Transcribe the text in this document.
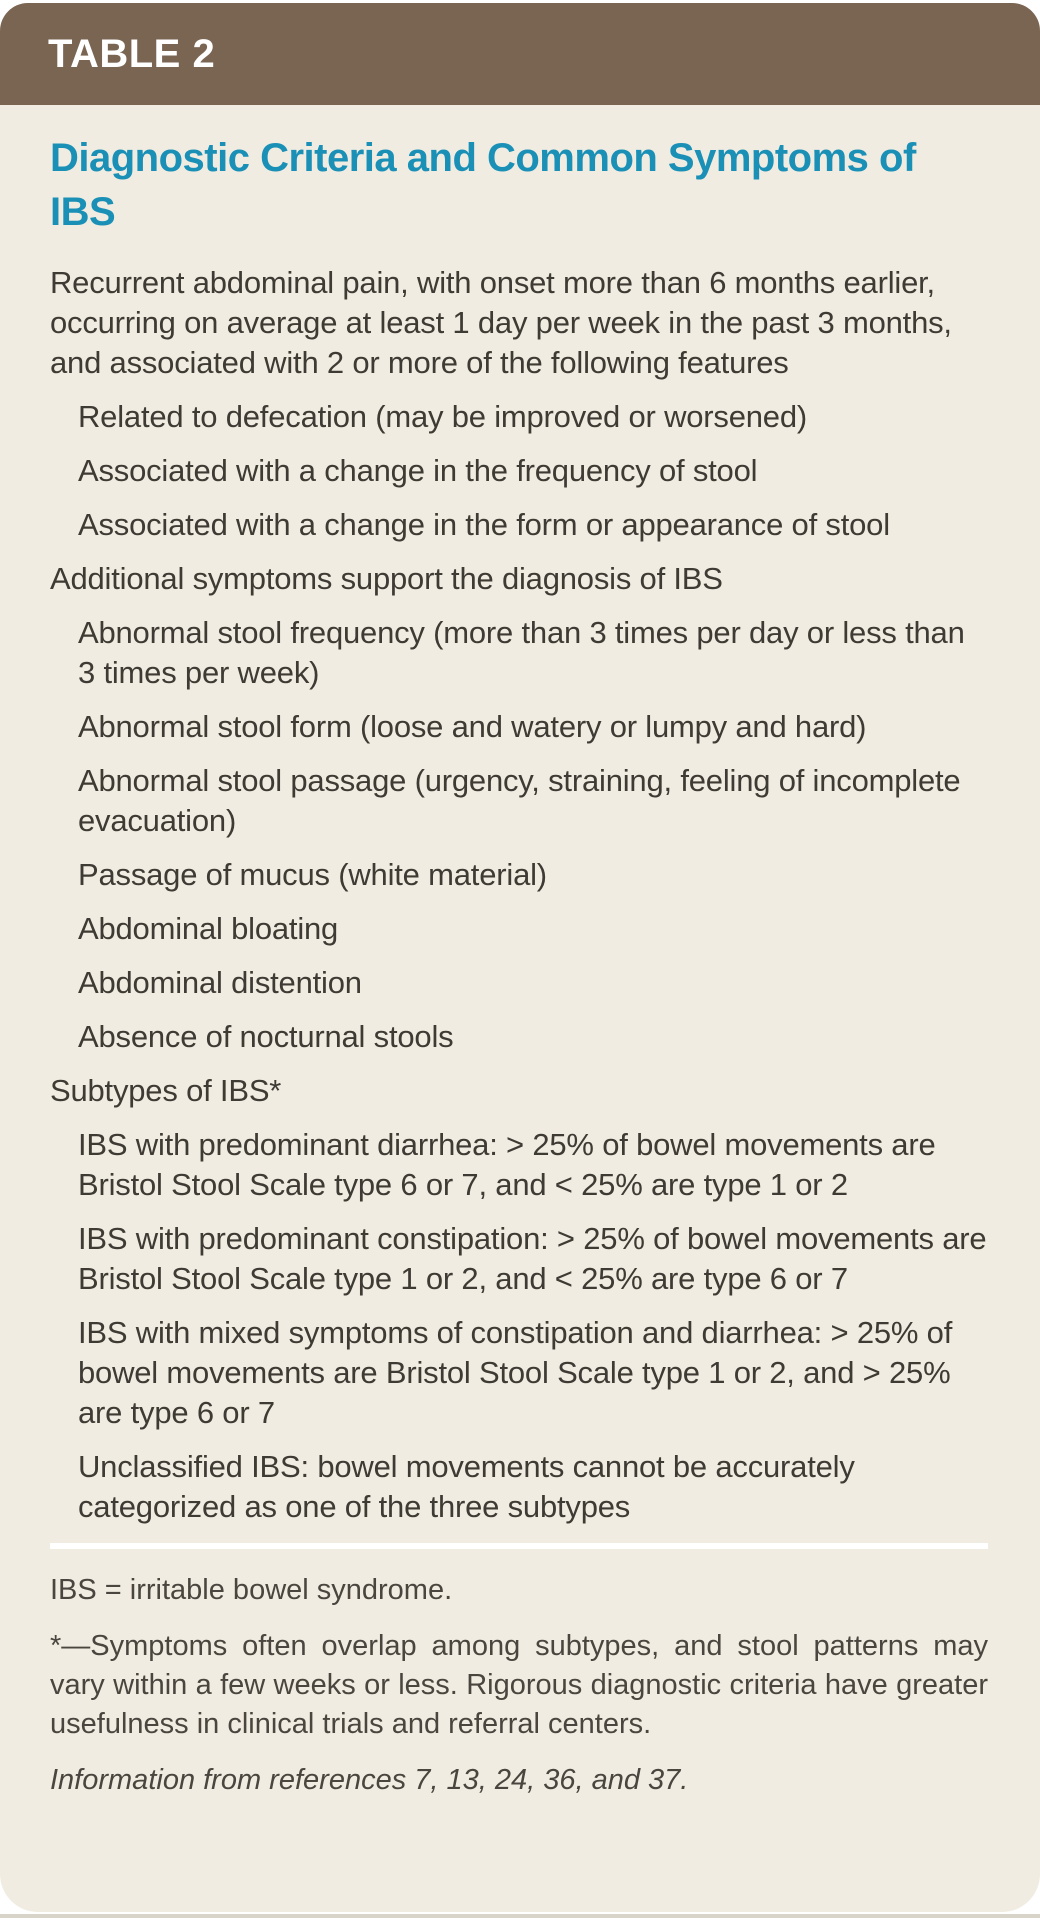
TABLE 2
Diagnostic Criteria and Common Symptoms of IBS

Recurrent abdominal pain, with onset more than 6 months earlier, occurring on average at least 1 day per week in the past 3 months, and associated with 2 or more of the following features

Related to defecation (may be improved or worsened)

Associated with a change in the frequency of stool

Associated with a change in the form or appearance of stool

Additional symptoms support the diagnosis of IBS

Abnormal stool frequency (more than 3 times per day or less than 3 times per week)

Abnormal stool form (loose and watery or lumpy and hard)

Abnormal stool passage (urgency, straining, feeling of incomplete evacuation)

Passage of mucus (white material)

Abdominal bloating

Abdominal distention

Absence of nocturnal stools

Subtypes of IBS*

IBS with predominant diarrhea: > 25% of bowel movements are Bristol Stool Scale type 6 or 7, and < 25% are type 1 or 2

IBS with predominant constipation: > 25% of bowel movements are Bristol Stool Scale type 1 or 2, and < 25% are type 6 or 7

IBS with mixed symptoms of constipation and diarrhea: > 25% of bowel movements are Bristol Stool Scale type 1 or 2, and > 25% are type 6 or 7

Unclassified IBS: bowel movements cannot be accurately categorized as one of the three subtypes

IBS = irritable bowel syndrome.

*—Symptoms often overlap among subtypes, and stool patterns may vary within a few weeks or less. Rigorous diagnostic criteria have greater usefulness in clinical trials and referral centers.

Information from references 7, 13, 24, 36, and 37.
